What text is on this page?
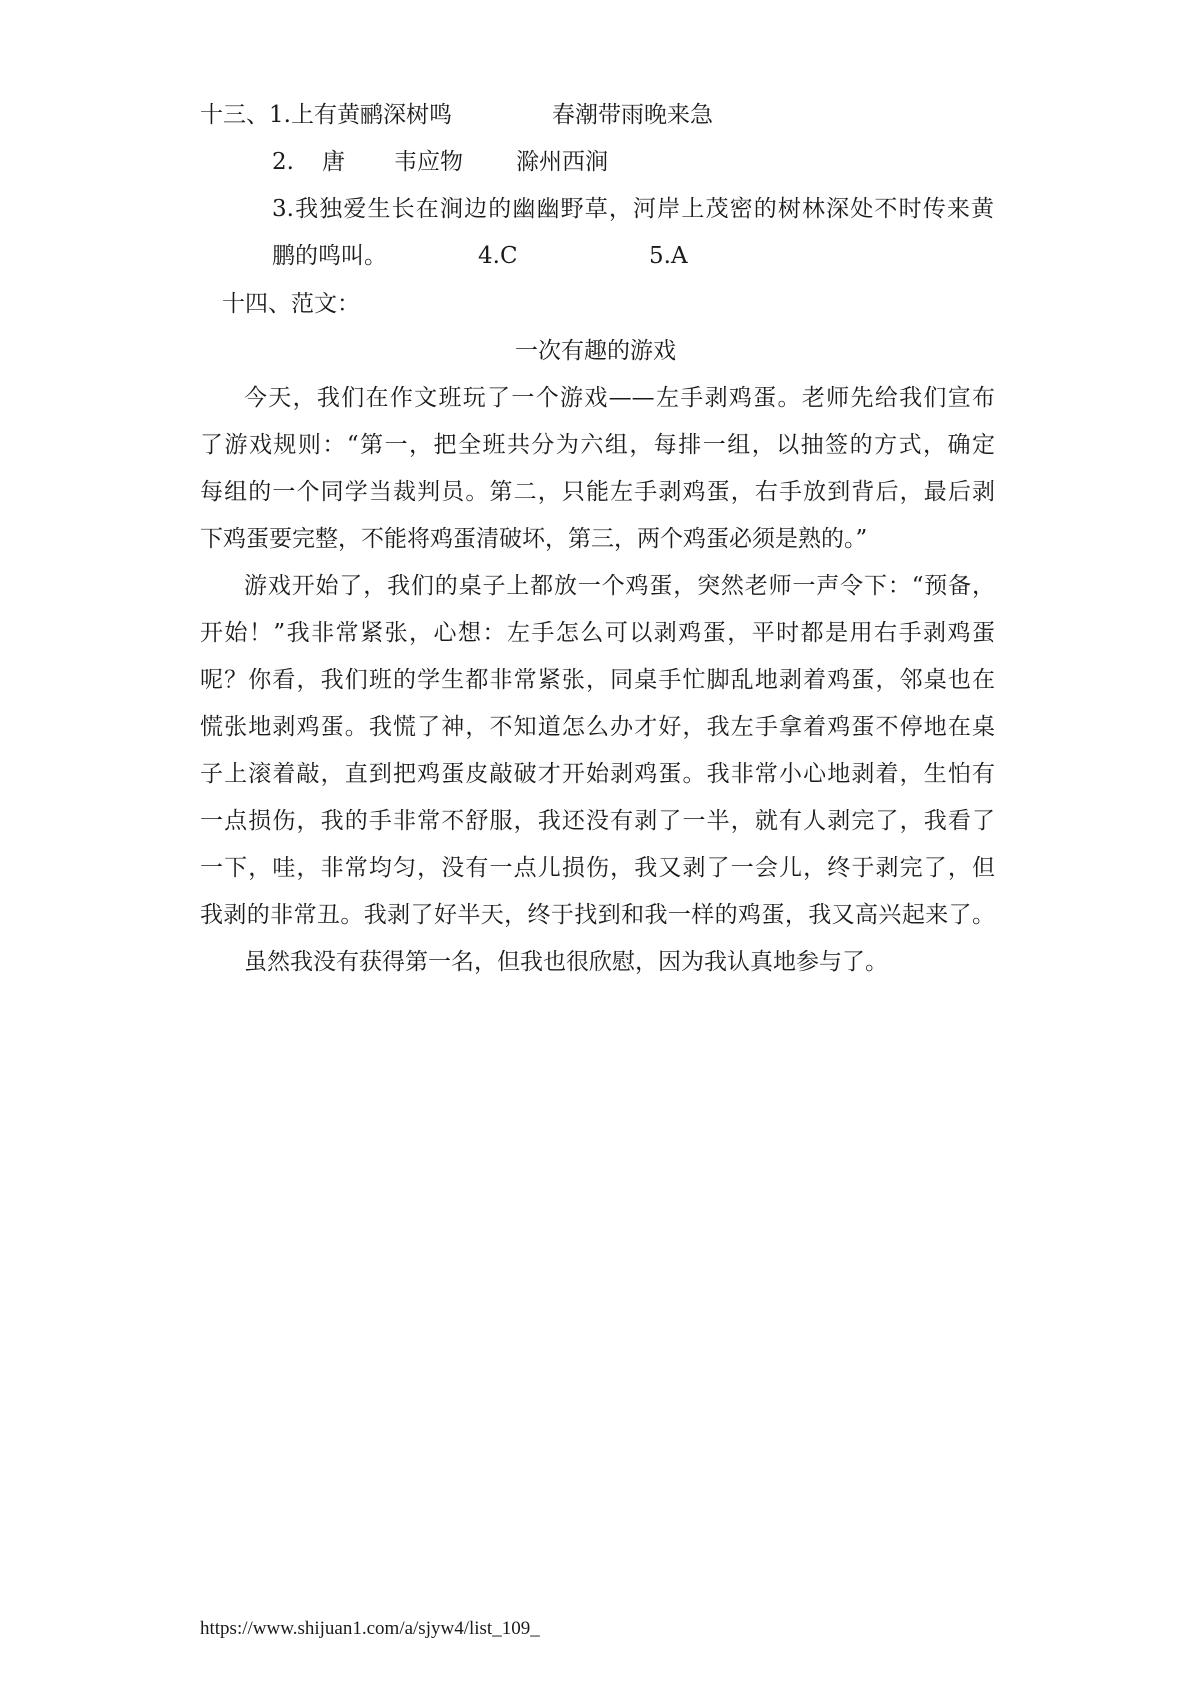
十三、 1.上有黄鹂深树鸣	春潮带雨晚来急
2. 唐 韦应物 滁州西涧
3.我独爱生长在涧边的幽幽野草，河岸上茂密的树林深处不时传来黄
鹏的鸣叫。	4.C	5.A
十四、范文：
一次有趣的游戏
今天，我们在作文班玩了一个游戏——左手剥鸡蛋。老师先给我们宣布
了游戏规则：“第一，把全班共分为六组，每排一组，以抽签的方式，确定
每组的一个同学当裁判员。第二，只能左手剥鸡蛋，右手放到背后，最后剥
下鸡蛋要完整，不能将鸡蛋清破坏，第三，两个鸡蛋必须是熟的。”
游戏开始了，我们的桌子上都放一个鸡蛋，突然老师一声令下：“预备，
开始！”我非常紧张，心想：左手怎么可以剥鸡蛋，平时都是用右手剥鸡蛋
呢？你看，我们班的学生都非常紧张，同桌手忙脚乱地剥着鸡蛋，邻桌也在
慌张地剥鸡蛋。我慌了神，不知道怎么办才好，我左手拿着鸡蛋不停地在桌
子上滚着敲，直到把鸡蛋皮敲破才开始剥鸡蛋。我非常小心地剥着，生怕有
一点损伤，我的手非常不舒服，我还没有剥了一半，就有人剥完了，我看了
一下，哇，非常均匀，没有一点儿损伤，我又剥了一会儿，终于剥完了，但
我剥的非常丑。我剥了好半天，终于找到和我一样的鸡蛋，我又高兴起来了。
虽然我没有获得第一名，但我也很欣慰，因为我认真地参与了。
https://www.shijuan1.com/a/sjyw4/list_109_
